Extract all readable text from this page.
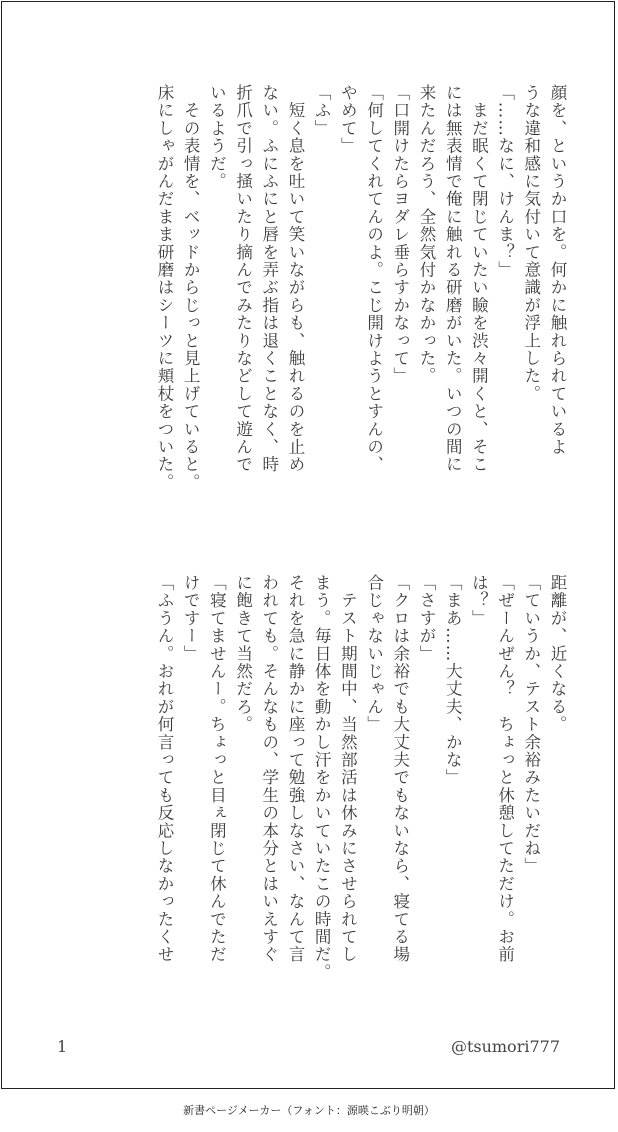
顔を、というか口を。何かに触れられているよ

うな違和感に気付いて意識が浮上した。

「……なに、けんま？」

　まだ眠くて閉じていたい瞼を渋々開くと、そこ

には無表情で俺に触れる研磨がいた。いつの間に

来たんだろう、全然気付かなかった。

「口開けたらヨダレ垂らすかなって」

「何してくれてんのよ。こじ開けようとすんの、

やめて」

「ふ」

　短く息を吐いて笑いながらも、触れるのを止め

ない。ふにふにと唇を弄ぶ指は退くことなく、時

折爪で引っ掻いたり摘んでみたりなどして遊んで

いるようだ。

　その表情を、ベッドからじっと見上げていると。

床にしゃがんだまま研磨はシーツに頬杖をついた。

距離が、近くなる。

「ていうか、テスト余裕みたいだね」

「ぜーんぜん？　ちょっと休憩してただけ。お前

は？」

「まあ……大丈夫、かな」

「さすが」

「クロは余裕でも大丈夫でもないなら、寝てる場

合じゃないじゃん」

　テスト期間中、当然部活は休みにさせられてし

まう。毎日体を動かし汗をかいていたこの時間だ。

それを急に静かに座って勉強しなさい、なんて言

われても。そんなもの、学生の本分とはいえすぐ

に飽きて当然だろ。

「寝てませんー。ちょっと目ぇ閉じて休んでただ

けですー」

「ふうん。おれが何言っても反応しなかったくせ

1	@tsumori777
新書ページメーカー（フォント：源暎こぶり明朝）
